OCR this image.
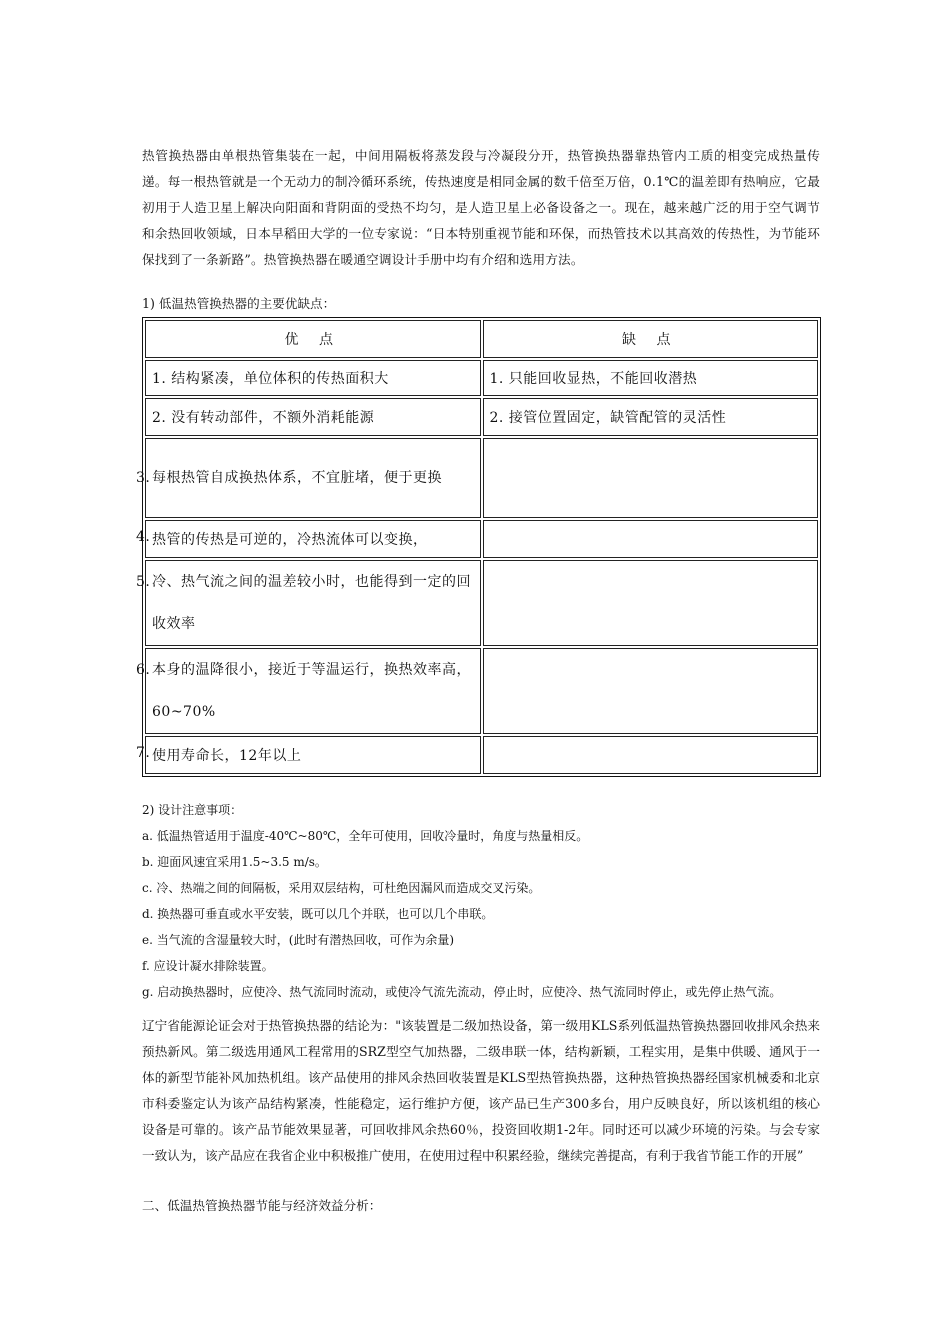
热管换热器由单根热管集装在一起，中间用隔板将蒸发段与冷凝段分开，热管换热器靠热管内工质的相变完成热量传递。每一根热管就是一个无动力的制冷循环系统，传热速度是相同金属的数千倍至万倍，0.1℃的温差即有热响应，它最初用于人造卫星上解决向阳面和背阴面的受热不均匀，是人造卫星上必备设备之一。现在，越来越广泛的用于空气调节和余热回收领域，日本早稻田大学的一位专家说：“日本特别重视节能和环保，而热管技术以其高效的传热性，为节能环保找到了一条新路”。热管换热器在暖通空调设计手册中均有介绍和选用方法。

1) 低温热管换热器的主要优缺点：

优 点	缺 点
1. 结构紧凑，单位体积的传热面积大	1. 只能回收显热，不能回收潜热
2. 没有转动部件，不额外消耗能源	2. 接管位置固定，缺管配管的灵活性

3. 每根热管自成换热体系，不宜脏堵，便于更换	

4. 热管的传热是可逆的，冷热流体可以变换，	

5. 冷、热气流之间的温差较小时，也能得到一定的回收效率	

6. 本身的温降很小，接近于等温运行，换热效率高，60~70%	

7. 使用寿命长，12年以上	
2) 设计注意事项：
a. 低温热管适用于温度-40℃~80℃，全年可使用，回收冷量时，角度与热量相反。
b. 迎面风速宜采用1.5~3.5 m/s。
c. 冷、热端之间的间隔板，采用双层结构，可杜绝因漏风而造成交叉污染。
d. 换热器可垂直或水平安装，既可以几个并联，也可以几个串联。
e. 当气流的含湿量较大时，(此时有潜热回收，可作为余量)
f. 应设计凝水排除装置。
g. 启动换热器时，应使冷、热气流同时流动，或使冷气流先流动，停止时，应使冷、热气流同时停止，或先停止热气流。

辽宁省能源论证会对于热管换热器的结论为："该装置是二级加热设备，第一级用KLS系列低温热管换热器回收排风余热来预热新风。第二级选用通风工程常用的SRZ型空气加热器，二级串联一体，结构新颖，工程实用，是集中供暖、通风于一体的新型节能补风加热机组。该产品使用的排风余热回收装置是KLS型热管换热器，这种热管换热器经国家机械委和北京市科委鉴定认为该产品结构紧凑，性能稳定，运行维护方便，该产品已生产300多台，用户反映良好，所以该机组的核心设备是可靠的。该产品节能效果显著，可回收排风余热60％，投资回收期1-2年。同时还可以减少环境的污染。与会专家一致认为，该产品应在我省企业中积极推广使用，在使用过程中积累经验，继续完善提高，有利于我省节能工作的开展”

二、低温热管换热器节能与经济效益分析：
